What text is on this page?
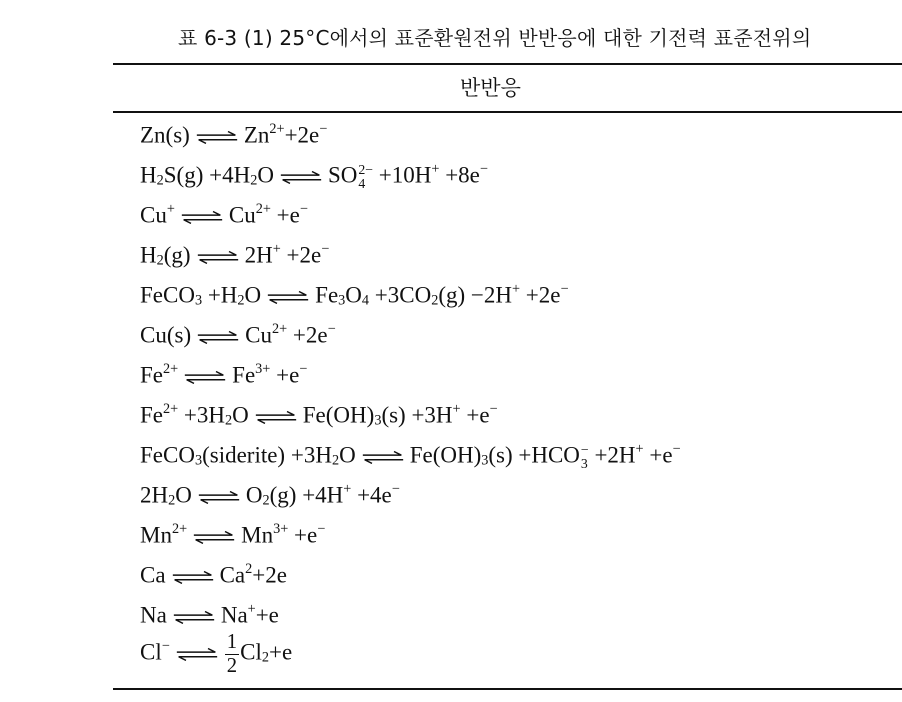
표 6-3 (1) 25°C에서의 표준환원전위 반반응에 대한 기전력 표준전위의
반반응
Zn(s) $Zn^{2+}+2e^-$
$H_2S(g) +4H_2O$ SO 2−
4 +10H+ +8e−
Cu+ $Cu^{2+} +e^-$
$H_2(g)$ 2H+ +2e−
FeCO$_3$ $+H_2O$ $Fe_3O_4 +3CO_2(g) -2H^+ +2e^-$
Cu(s) $Cu^{2+} +2e^-$
$Fe^{2+}$ $Fe^{3+} +e^-$
$Fe^{2+} +3H_2O$ $Fe(OH)_3(s) +3H^+ +e^-$
FeCO$_3$(siderite) $+3H_2O$ $Fe(OH)_3(s) +HCO$ −
3 +2H+ +e−
$2H_2O$ $O_2(g) +4H^+ +4e^-$
$Mn^{2+}$ $Mn^{3+} +e^-$
Ca $Ca^2+2e$
Na Na++e
Cl−	$\frac{1}{2} Cl_2+e$
